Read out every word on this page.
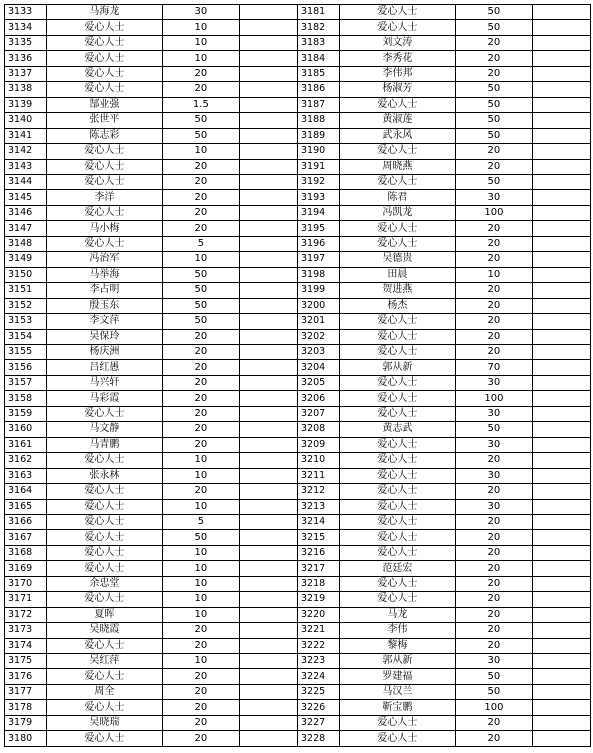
3133	马海龙	30	
3134	爱心人士	10	
3135	爱心人士	10	
3136	爱心人士	10	
3137	爱心人士	20	
3138	爱心人士	20	
3139	郜业强	1.5	
3140	张世平	50	
3141	陈志彩	50	
3142	爱心人士	10	
3143	爱心人士	20	
3144	爱心人士	20	
3145	李洋	20	
3146	爱心人士	20	
3147	马小梅	20	
3148	爱心人士	5	
3149	冯治军	10	
3150	马举海	50	
3151	李占明	50	
3152	殷玉东	50	
3153	李文萍	50	
3154	吴保玲	20	
3155	杨庆洲	20	
3156	吕红愚	20	
3157	马兴轩	20	
3158	马彩霞	20	
3159	爱心人士	20	
3160	马文静	20	
3161	马青鹏	20	
3162	爱心人士	10	
3163	张永林	10	
3164	爱心人士	20	
3165	爱心人士	10	
3166	爱心人士	5	
3167	爱心人士	50	
3168	爱心人士	10	
3169	爱心人士	10	
3170	余忠堂	10	
3171	爱心人士	10	
3172	夏晖	10	
3173	吴晓霞	20	
3174	爱心人士	20	
3175	吴红萍	10	
3176	爱心人士	20	
3177	周全	20	
3178	爱心人士	20	
3179	吴晓瑞	20	
3180	爱心人士	20	
3181	爱心人士	50	
3182	爱心人士	50	
3183	刘文涛	20	
3184	李秀花	20	
3185	李伟邦	20	
3186	杨淑芳	50	
3187	爱心人士	50	
3188	黄淑莲	50	
3189	武永风	50	
3190	爱心人士	20	
3191	周晓燕	20	
3192	爱心人士	50	
3193	陈君	30	
3194	冯凯龙	100	
3195	爱心人士	20	
3196	爱心人士	20	
3197	吴德贵	20	
3198	田晨	10	
3199	贺进燕	20	
3200	杨杰	20	
3201	爱心人士	20	
3202	爱心人士	20	
3203	爱心人士	20	
3204	郭从新	70	
3205	爱心人士	30	
3206	爱心人士	100	
3207	爱心人士	30	
3208	黄志武	50	
3209	爱心人士	30	
3210	爱心人士	20	
3211	爱心人士	30	
3212	爱心人士	20	
3213	爱心人士	30	
3214	爱心人士	20	
3215	爱心人士	20	
3216	爱心人士	20	
3217	范廷宏	20	
3218	爱心人士	20	
3219	爱心人士	20	
3220	马龙	20	
3221	李伟	20	
3222	黎梅	20	
3223	郭从新	30	
3224	罗建福	50	
3225	马汉兰	50	
3226	靳宝鹏	100	
3227	爱心人士	20	
3228	爱心人士	20	
